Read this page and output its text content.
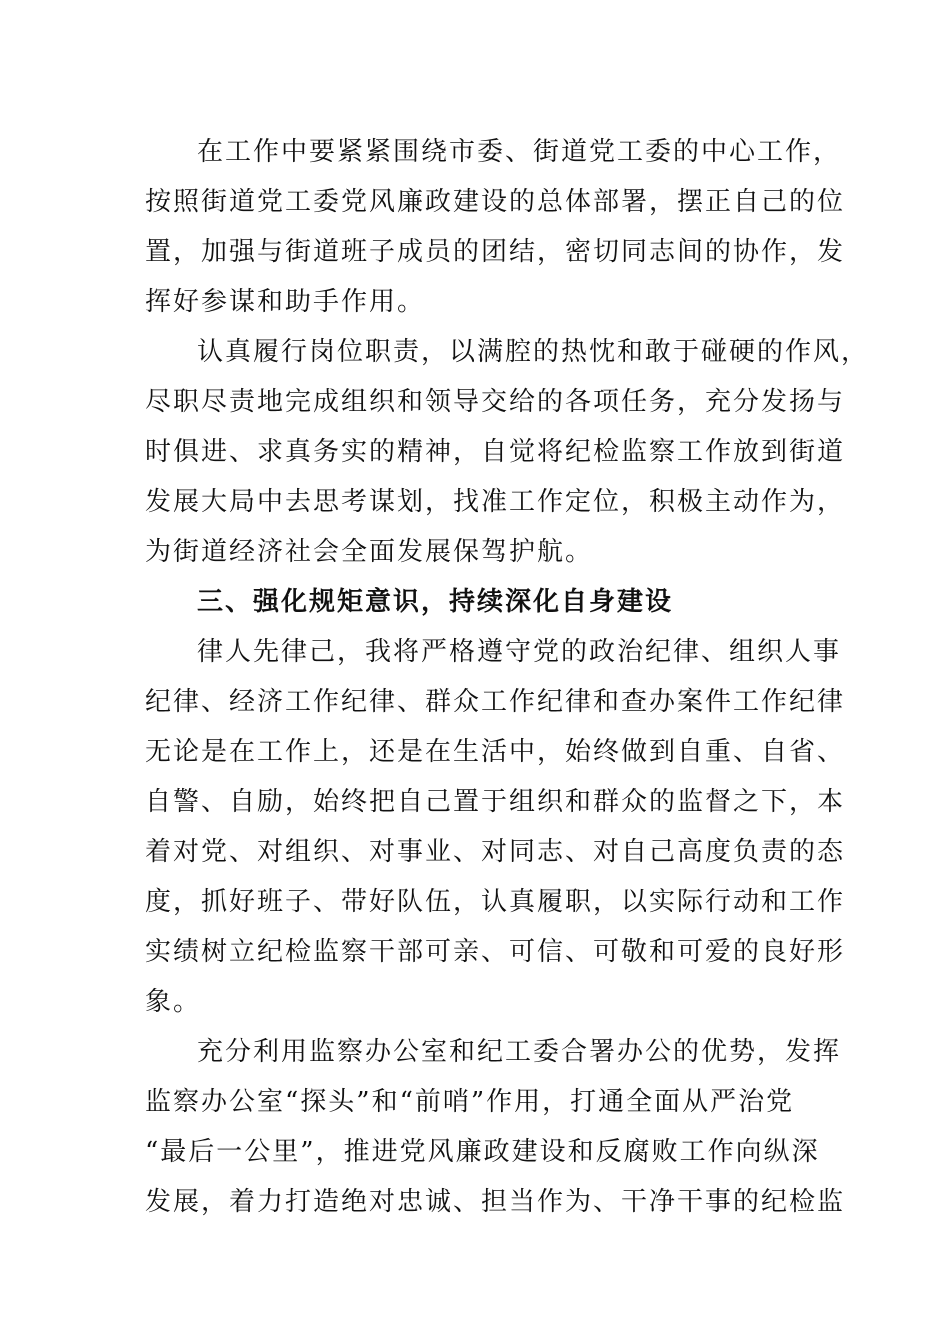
在工作中要紧紧围绕市委、街道党工委的中心工作，
按照街道党工委党风廉政建设的总体部署，摆正自己的位
置，加强与街道班子成员的团结，密切同志间的协作，发
挥好参谋和助手作用。
认真履行岗位职责，以满腔的热忱和敢于碰硬的作风，
尽职尽责地完成组织和领导交给的各项任务，充分发扬与
时俱进、求真务实的精神，自觉将纪检监察工作放到街道
发展大局中去思考谋划，找准工作定位，积极主动作为，
为街道经济社会全面发展保驾护航。
三、强化规矩意识，持续深化自身建设
律人先律己，我将严格遵守党的政治纪律、组织人事
纪律、经济工作纪律、群众工作纪律和查办案件工作纪律
无论是在工作上，还是在生活中，始终做到自重、自省、
自警、自励，始终把自己置于组织和群众的监督之下，本
着对党、对组织、对事业、对同志、对自己高度负责的态
度，抓好班子、带好队伍，认真履职，以实际行动和工作
实绩树立纪检监察干部可亲、可信、可敬和可爱的良好形
象。
充分利用监察办公室和纪工委合署办公的优势，发挥
监察办公室“探头”和“前哨”作用，打通全面从严治党
“最后一公里”，推进党风廉政建设和反腐败工作向纵深
发展，着力打造绝对忠诚、担当作为、干净干事的纪检监
